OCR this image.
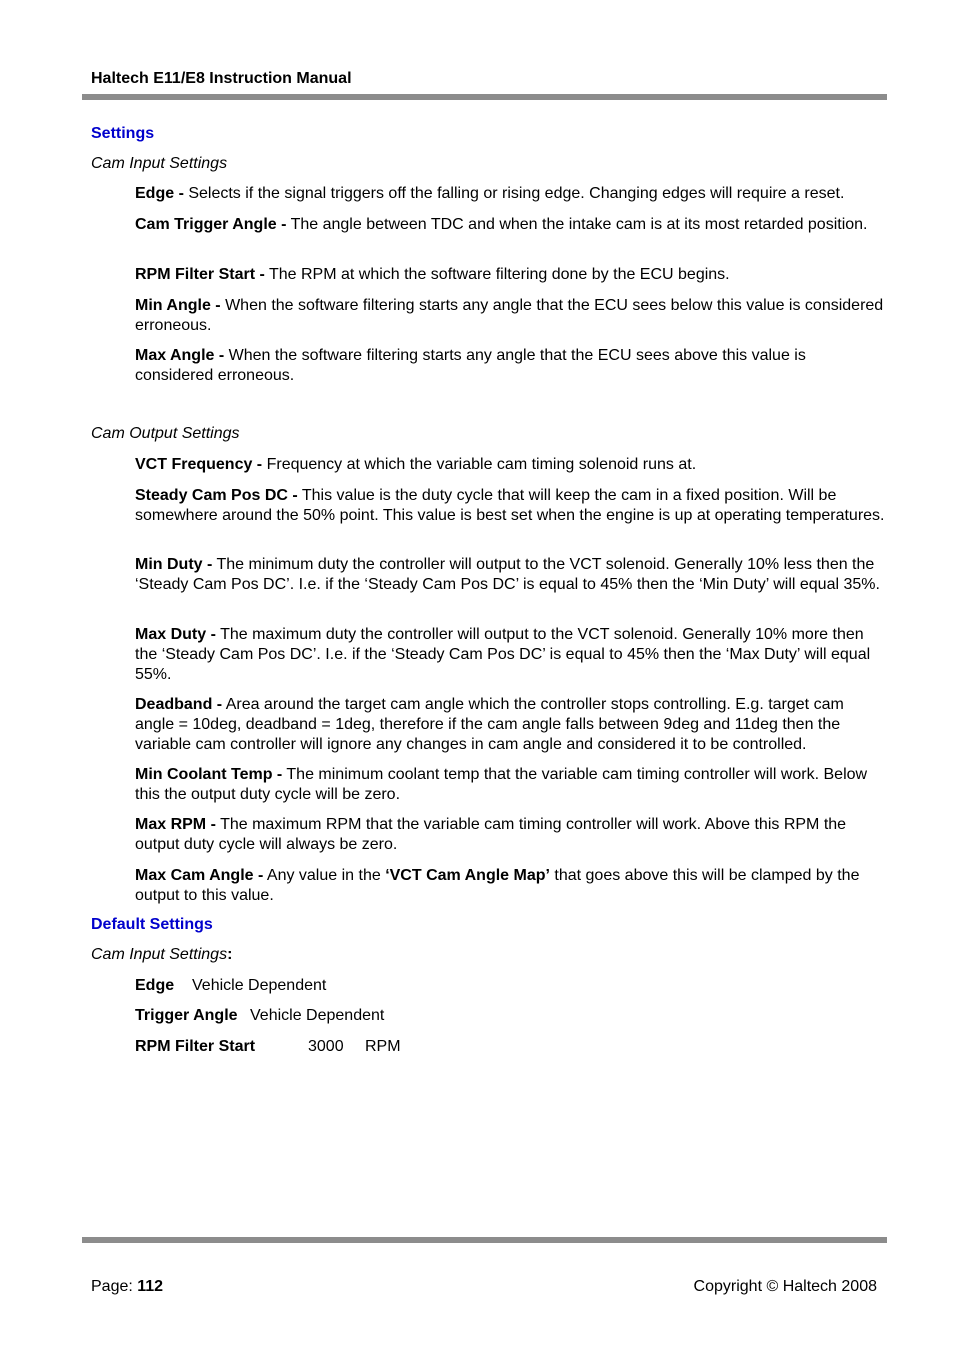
Haltech E11/E8 Instruction Manual
Settings
Cam Input Settings
Edge - Selects if the signal triggers off the falling or rising edge. Changing edges will require a reset.
Cam Trigger Angle - The angle between TDC and when the intake cam is at its most retarded position.
RPM Filter Start - The RPM at which the software filtering done by the ECU begins.
Min Angle - When the software filtering starts any angle that the ECU sees below this value is considered erroneous.
Max Angle - When the software filtering starts any angle that the ECU sees above this value is considered erroneous.
Cam Output Settings
VCT Frequency - Frequency at which the variable cam timing solenoid runs at.
Steady Cam Pos DC - This value is the duty cycle that will keep the cam in a fixed position. Will be somewhere around the 50% point. This value is best set when the engine is up at operating temperatures.
Min Duty - The minimum duty the controller will output to the VCT solenoid. Generally 10% less then the ‘Steady Cam Pos DC’. I.e. if the ‘Steady Cam Pos DC’ is equal to 45% then the ‘Min Duty’ will equal 35%.
Max Duty - The maximum duty the controller will output to the VCT solenoid. Generally 10% more then the ‘Steady Cam Pos DC’. I.e. if the ‘Steady Cam Pos DC’ is equal to 45% then the ‘Max Duty’ will equal 55%.
Deadband - Area around the target cam angle which the controller stops controlling. E.g. target cam angle = 10deg, deadband = 1deg, therefore if the cam angle falls between 9deg and 11deg then the variable cam controller will ignore any changes in cam angle and considered it to be controlled.
Min Coolant Temp - The minimum coolant temp that the variable cam timing controller will work. Below this the output duty cycle will be zero.
Max RPM - The maximum RPM that the variable cam timing controller will work. Above this RPM the output duty cycle will always be zero.
Max Cam Angle - Any value in the ‘VCT Cam Angle Map’ that goes above this will be clamped by the output to this value.
Default Settings
Cam Input Settings:
Edge Vehicle Dependent
Trigger Angle Vehicle Dependent
RPM Filter Start	3000 RPM
Page: 112	Copyright © Haltech 2008
